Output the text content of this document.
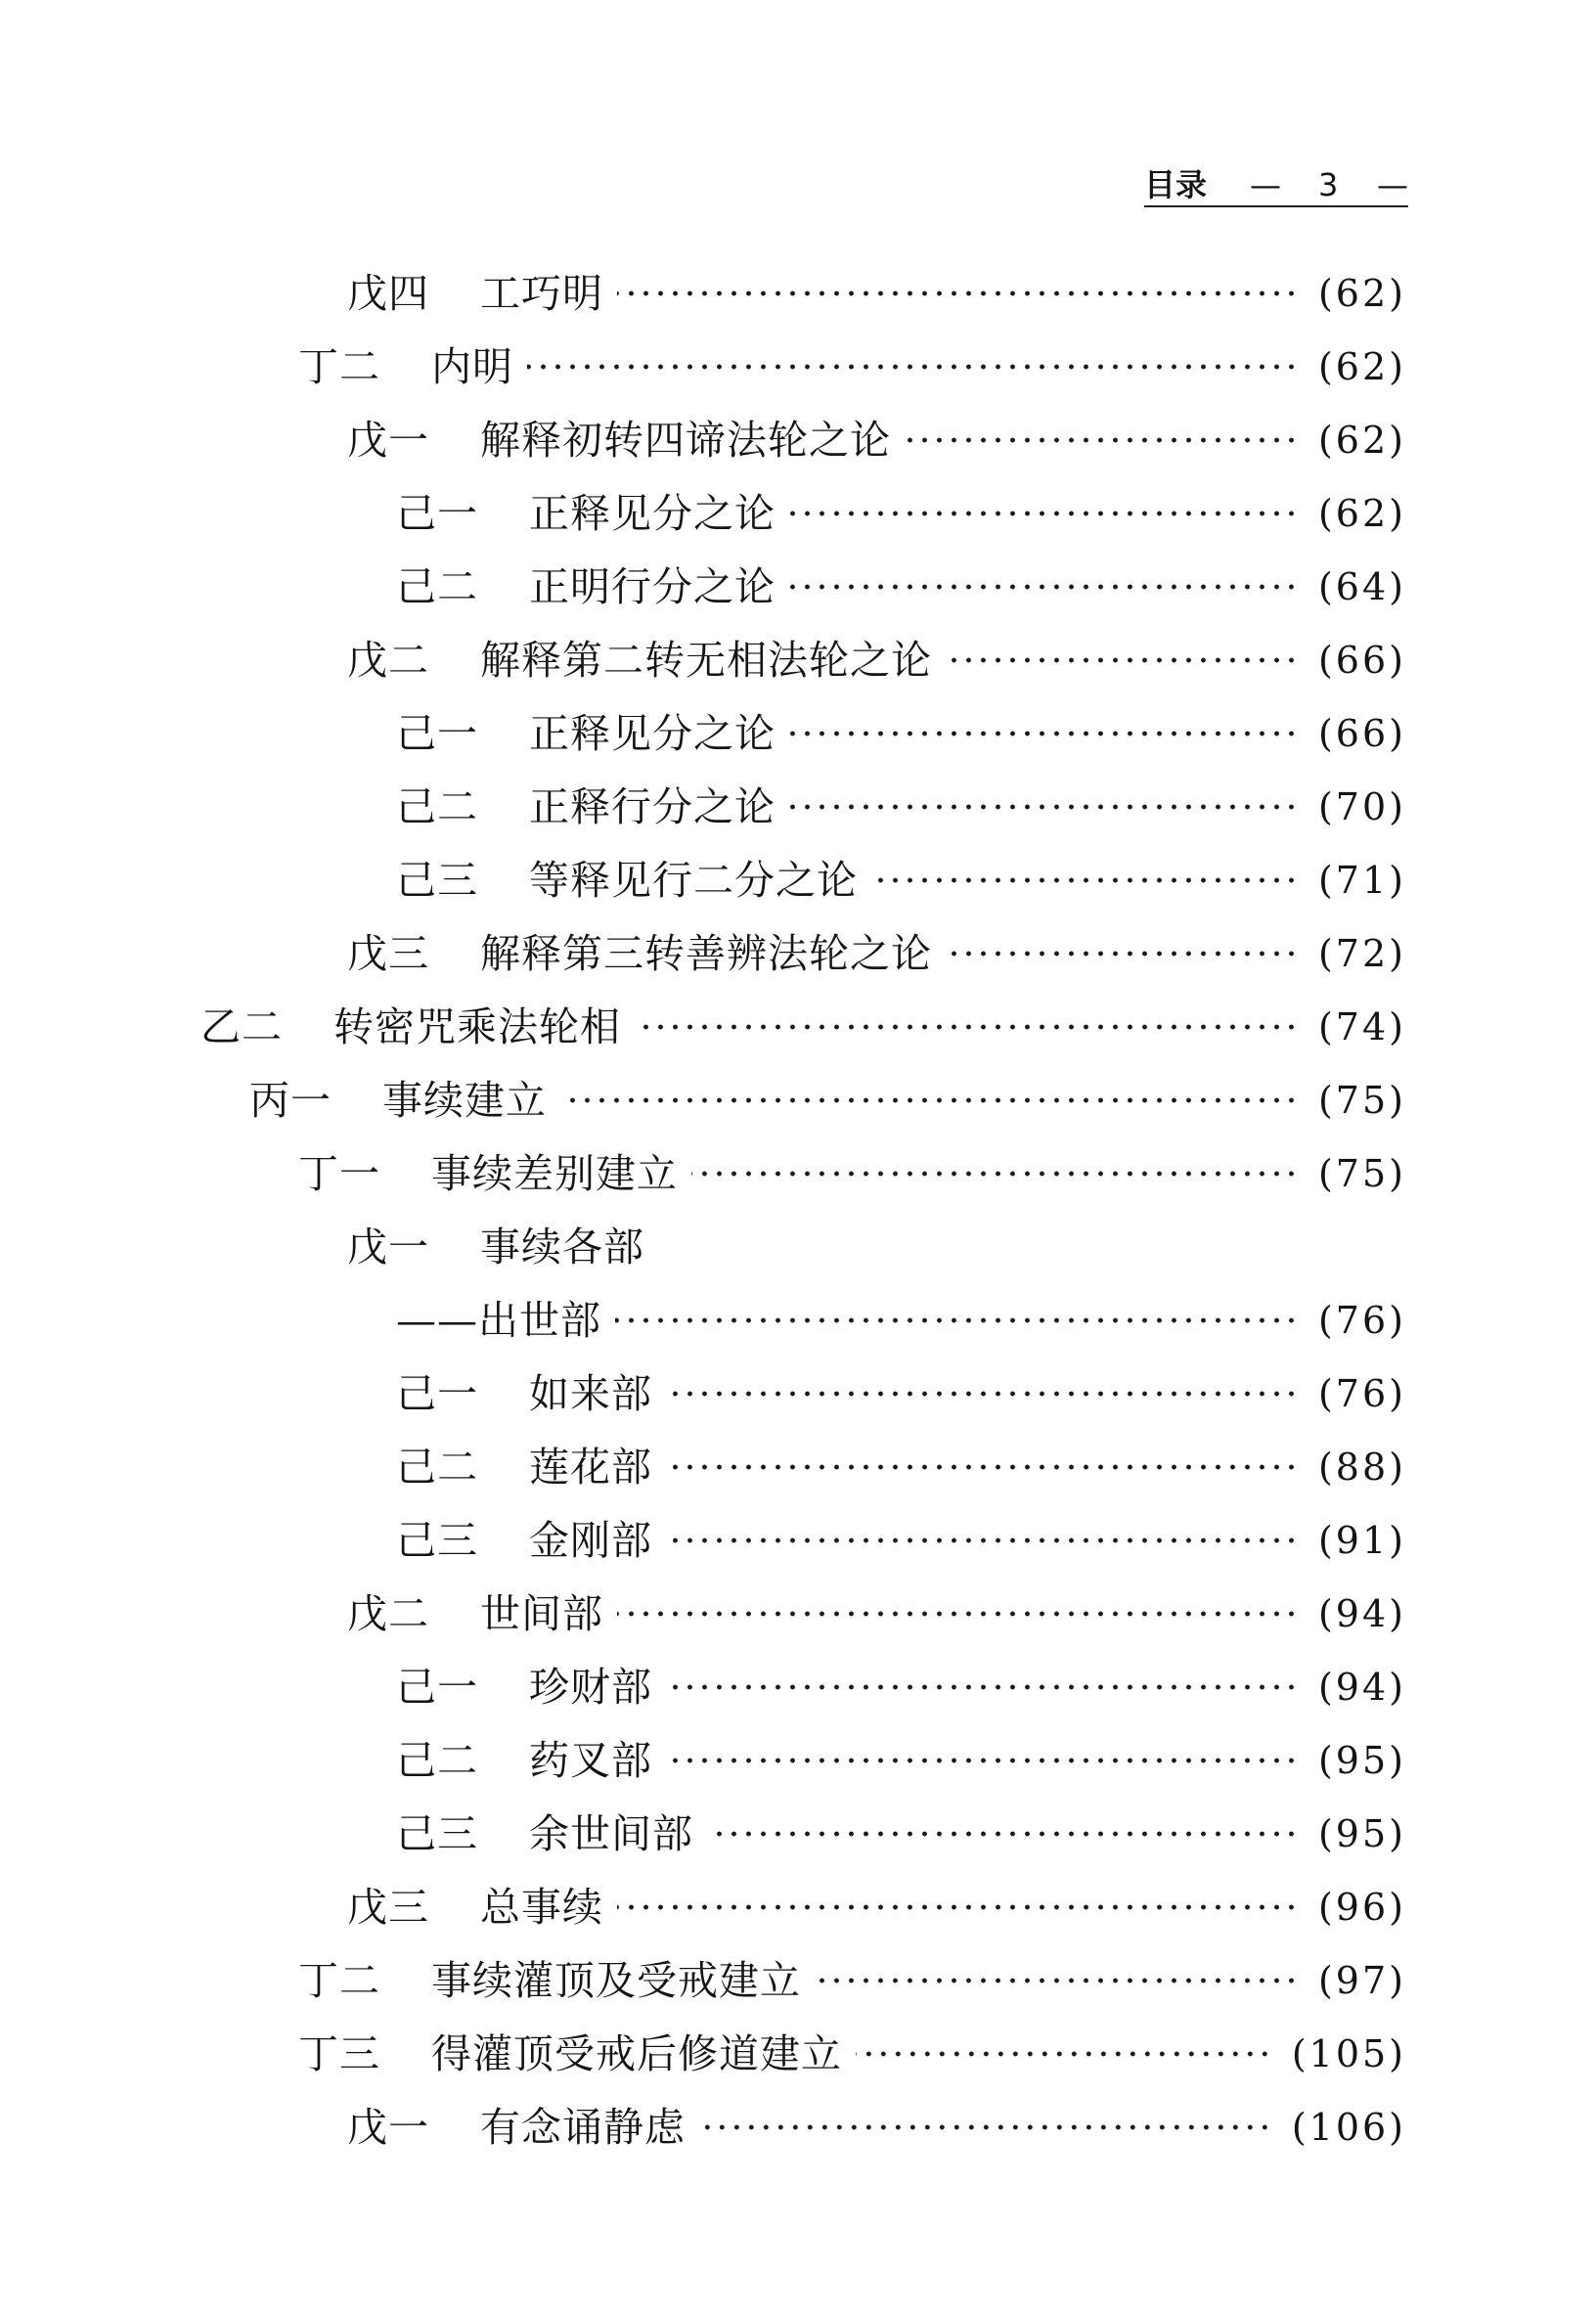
目录 — 3 —
戊四 工巧明	(62)
丁二 内明	(62)
戊一 解释初转四谛法轮之论	(62)
己一 正释见分之论	(62)
己二 正明行分之论	(64)
戊二 解释第二转无相法轮之论	(66)
己一 正释见分之论	(66)
己二 正释行分之论	(70)
己三 等释见行二分之论	(71)
戊三 解释第三转善辨法轮之论	(72)
乙二 转密咒乘法轮相	(74)
丙一 事续建立	(75)
丁一 事续差别建立	(75)
戊一 事续各部
——出世部	(76)
己一 如来部	(76)
己二 莲花部	(88)
己三 金刚部	(91)
戊二 世间部	(94)
己一 珍财部	(94)
己二 药叉部	(95)
己三 余世间部	(95)
戊三 总事续	(96)
丁二 事续灌顶及受戒建立	(97)
丁三 得灌顶受戒后修道建立	(105)
戊一 有念诵静虑	(106)
